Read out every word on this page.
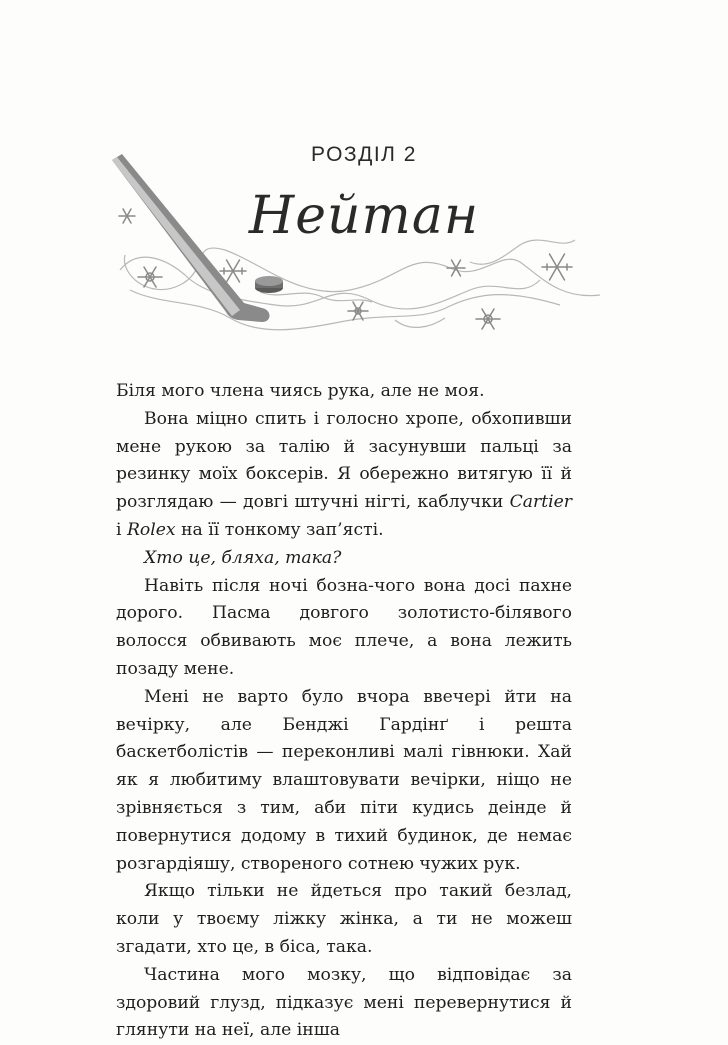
РОЗДІЛ 2
Нейтан

Біля мого члена чиясь рука, але не моя.

Вона міцно спить і голосно хропе, обхопивши мене рукою за талію й засунувши пальці за резинку моїх боксерів. Я обережно витягую її й розглядаю — довгі штучні нігті, каблучки Cartier і Rolex на її тонкому зап’ясті.

Хто це, бляха, така?

Навіть після ночі бозна-чого вона досі пахне дорого. Пасма довгого золотисто-білявого волосся обвивають моє плече, а вона лежить позаду мене.

Мені не варто було вчора ввечері йти на вечірку, але Бенджі Гардінґ і решта баскетболістів — переконливі малі гівнюки. Хай як я любитиму влаштовувати вечірки, ніщо не зрівняється з тим, аби піти кудись деінде й повернутися додому в тихий будинок, де немає розгардіяшу, створеного сотнею чужих рук.

Якщо тільки не йдеться про такий безлад, коли у твоєму ліжку жінка, а ти не можеш згадати, хто це, в біса, така.

Частина мого мозку, що відповідає за здоровий глузд, підказує мені перевернутися й глянути на неї, але інша
